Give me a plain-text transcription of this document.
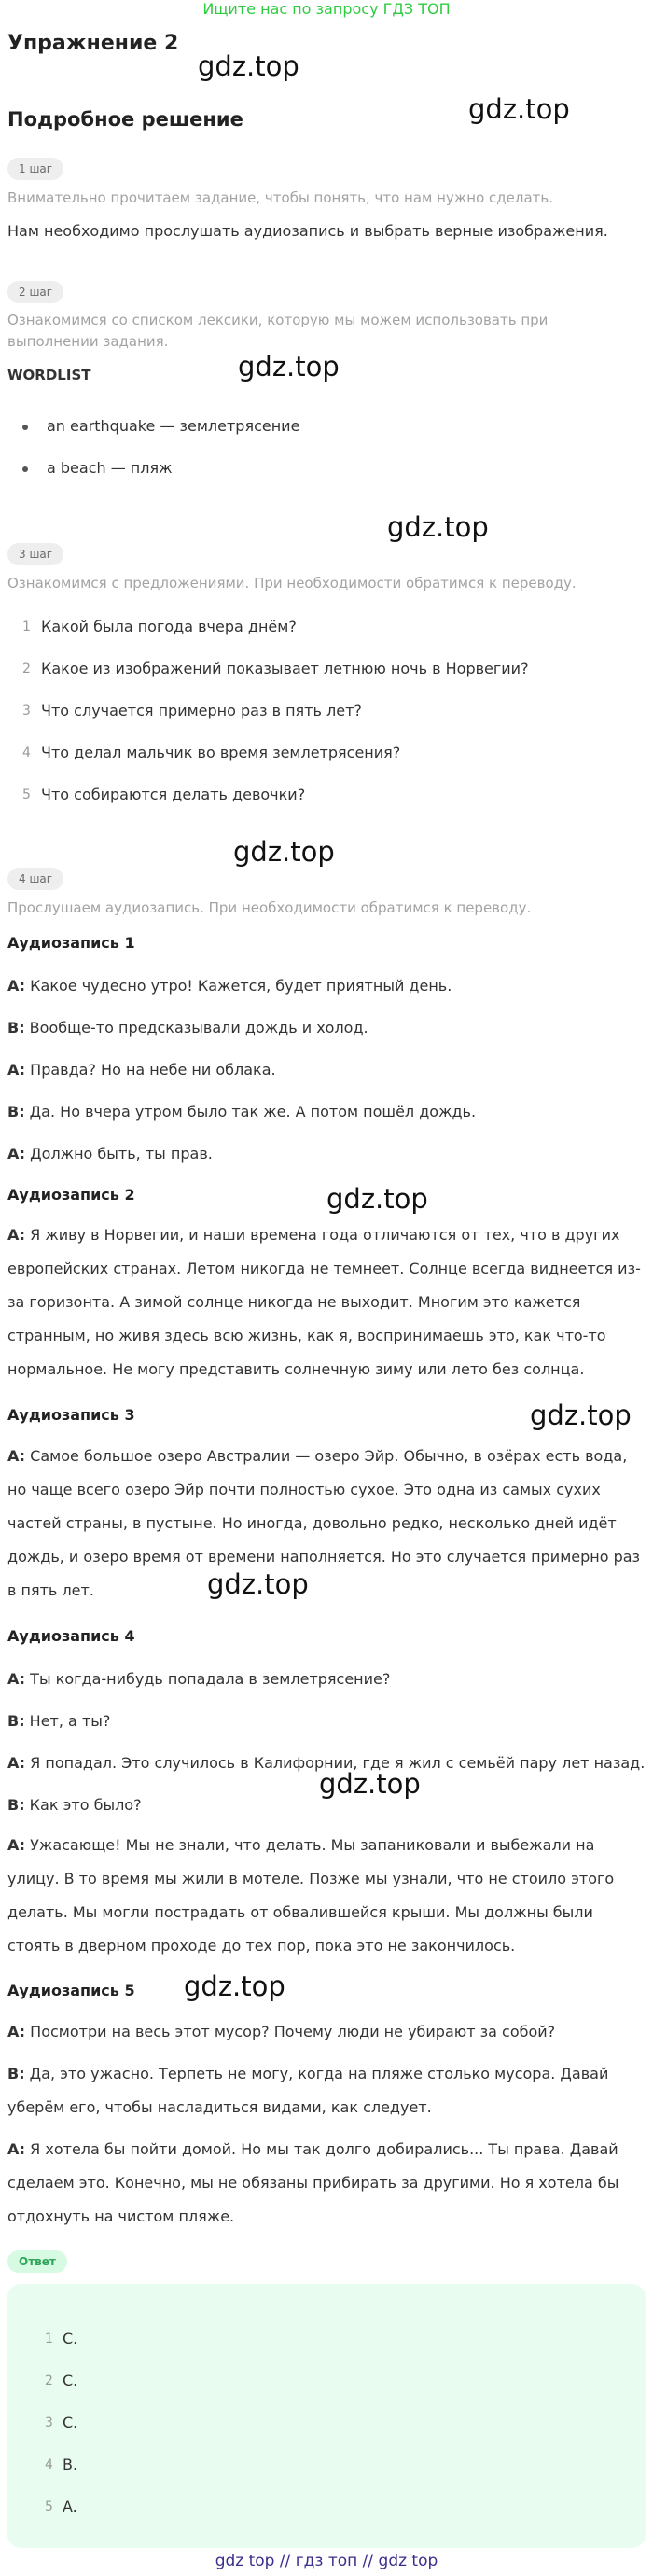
Ищите нас по запросу ГДЗ ТОП
Упражнение 2
Подробное решение
gdz.top
gdz.top
gdz.top
gdz.top
gdz.top
gdz.top
gdz.top
gdz.top
gdz.top
gdz.top
1 шаг
Внимательно прочитаем задание, чтобы понять, что нам нужно сделать.
Нам необходимо прослушать аудиозапись и выбрать верные изображения.
2 шаг
Ознакомимся со списком лексики, которую мы можем использовать при выполнении задания.
WORDLIST
an earthquake — землетрясение
a beach — пляж
3 шаг
Ознакомимся с предложениями. При необходимости обратимся к переводу.
1 Какой была погода вчера днём?
2 Какое из изображений показывает летнюю ночь в Норвегии?
3 Что случается примерно раз в пять лет?
4 Что делал мальчик во время землетрясения?
5 Что собираются делать девочки?
4 шаг
Прослушаем аудиозапись. При необходимости обратимся к переводу.
Аудиозапись 1
A: Какое чудесно утро! Кажется, будет приятный день.
B: Вообще-то предсказывали дождь и холод.
A: Правда? Но на небе ни облака.
B: Да. Но вчера утром было так же. А потом пошёл дождь.
A: Должно быть, ты прав.
Аудиозапись 2
A: Я живу в Норвегии, и наши времена года отличаются от тех, что в других европейских странах. Летом никогда не темнеет. Солнце всегда виднеется из-за горизонта. А зимой солнце никогда не выходит. Многим это кажется странным, но живя здесь всю жизнь, как я, воспринимаешь это, как что-то нормальное. Не могу представить солнечную зиму или лето без солнца.
Аудиозапись 3
A: Самое большое озеро Австралии — озеро Эйр. Обычно, в озёрах есть вода, но чаще всего озеро Эйр почти полностью сухое. Это одна из самых сухих частей страны, в пустыне. Но иногда, довольно редко, несколько дней идёт дождь, и озеро время от времени наполняется. Но это случается примерно раз в пять лет.
Аудиозапись 4
A: Ты когда-нибудь попадала в землетрясение?
B: Нет, а ты?
A: Я попадал. Это случилось в Калифорнии, где я жил с семьёй пару лет назад.
B: Как это было?
A: Ужасающе! Мы не знали, что делать. Мы запаниковали и выбежали на улицу. В то время мы жили в мотеле. Позже мы узнали, что не стоило этого делать. Мы могли пострадать от обвалившейся крыши. Мы должны были стоять в дверном проходе до тех пор, пока это не закончилось.
Аудиозапись 5
A: Посмотри на весь этот мусор? Почему люди не убирают за собой?
B: Да, это ужасно. Терпеть не могу, когда на пляже столько мусора. Давай уберём его, чтобы насладиться видами, как следует.
A: Я хотела бы пойти домой. Но мы так долго добирались... Ты права. Давай сделаем это. Конечно, мы не обязаны прибирать за другими. Но я хотела бы отдохнуть на чистом пляже.
Ответ
1 C.
2 C.
3 C.
4 B.
5 A.
gdz top // гдз топ // gdz top
